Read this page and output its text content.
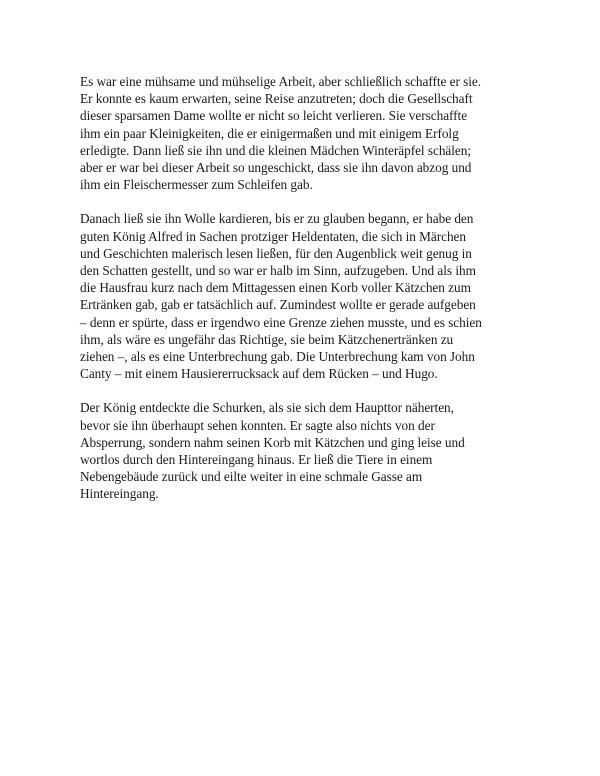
Es war eine mühsame und mühselige Arbeit, aber schließlich schaffte er sie.
Er konnte es kaum erwarten, seine Reise anzutreten; doch die Gesellschaft
dieser sparsamen Dame wollte er nicht so leicht verlieren. Sie verschaffte
ihm ein paar Kleinigkeiten, die er einigermaßen und mit einigem Erfolg
erledigte. Dann ließ sie ihn und die kleinen Mädchen Winteräpfel schälen;
aber er war bei dieser Arbeit so ungeschickt, dass sie ihn davon abzog und
ihm ein Fleischermesser zum Schleifen gab.

Danach ließ sie ihn Wolle kardieren, bis er zu glauben begann, er habe den
guten König Alfred in Sachen protziger Heldentaten, die sich in Märchen
und Geschichten malerisch lesen ließen, für den Augenblick weit genug in
den Schatten gestellt, und so war er halb im Sinn, aufzugeben. Und als ihm
die Hausfrau kurz nach dem Mittagessen einen Korb voller Kätzchen zum
Ertränken gab, gab er tatsächlich auf. Zumindest wollte er gerade aufgeben
– denn er spürte, dass er irgendwo eine Grenze ziehen musste, und es schien
ihm, als wäre es ungefähr das Richtige, sie beim Kätzchenertränken zu
ziehen –, als es eine Unterbrechung gab. Die Unterbrechung kam von John
Canty – mit einem Hausiererrucksack auf dem Rücken – und Hugo.

Der König entdeckte die Schurken, als sie sich dem Haupttor näherten,
bevor sie ihn überhaupt sehen konnten. Er sagte also nichts von der
Absperrung, sondern nahm seinen Korb mit Kätzchen und ging leise und
wortlos durch den Hintereingang hinaus. Er ließ die Tiere in einem
Nebengebäude zurück und eilte weiter in eine schmale Gasse am
Hintereingang.
